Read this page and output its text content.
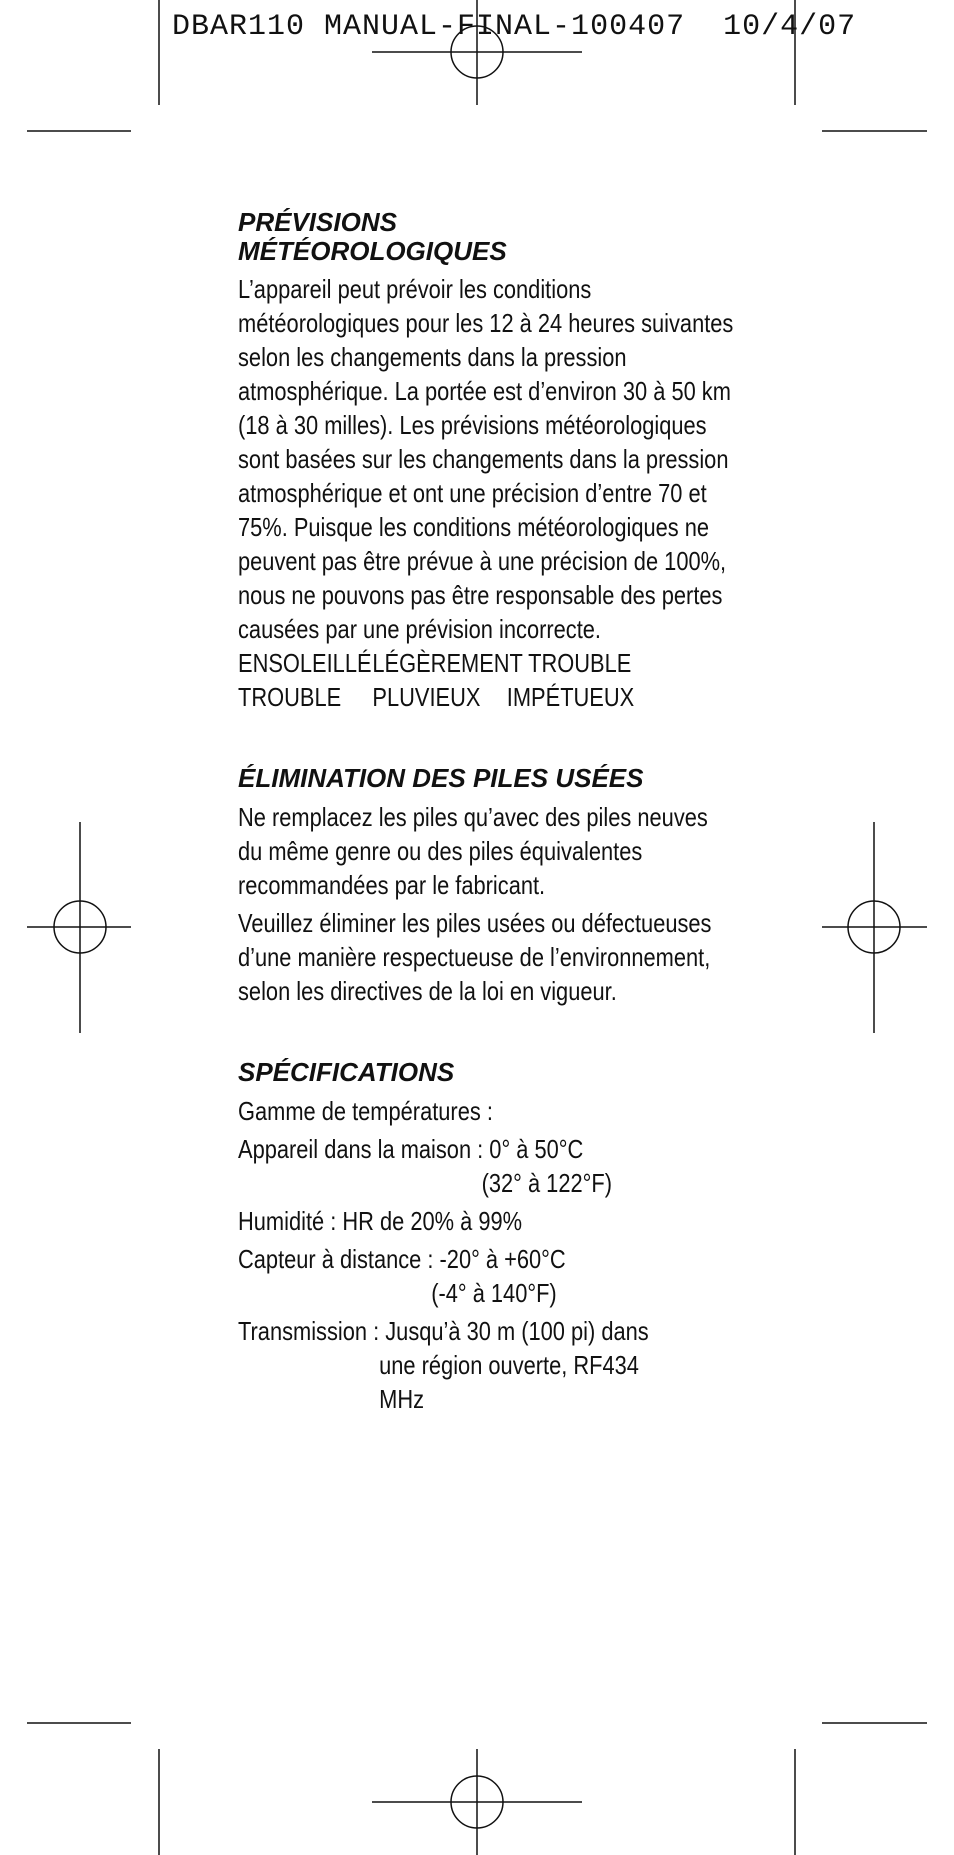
DBAR110 MANUAL-FINAL-100407  10/4/07
PRÉVISIONS
MÉTÉOROLOGIQUES

L’appareil peut prévoir les conditions météorologiques pour les 12 à 24 heures suivantes selon les changements dans la pression atmosphérique. La portée est d’environ 30 à 50 km (18 à 30 milles). Les prévisions météorologiques sont basées sur les changements dans la pression atmosphérique et ont une précision d’entre 70 et 75%. Puisque les conditions météorologiques ne peuvent pas être prévue à une précision de 100%, nous ne pouvons pas être responsable des pertes causées par une prévision incorrecte.

ENSOLEILLÉ LÉGÈREMENT TROUBLE
TROUBLE	PLUVIEUX	IMPÉTUEUX
ÉLIMINATION DES PILES USÉES

Ne remplacez les piles qu’avec des piles neuves du même genre ou des piles équivalentes recommandées par le fabricant.

Veuillez éliminer les piles usées ou défectueuses d’une manière respectueuse de l’environnement, selon les directives de la loi en vigueur.

SPÉCIFICATIONS
Gamme de températures :
Appareil dans la maison : 0° à 50°C
(32° à 122°F)
Humidité : HR de 20% à 99%
Capteur à distance : -20° à +60°C
(-4° à 140°F)
Transmission : Jusqu’à 30 m (100 pi) dans
une région ouverte, RF434
MHz
